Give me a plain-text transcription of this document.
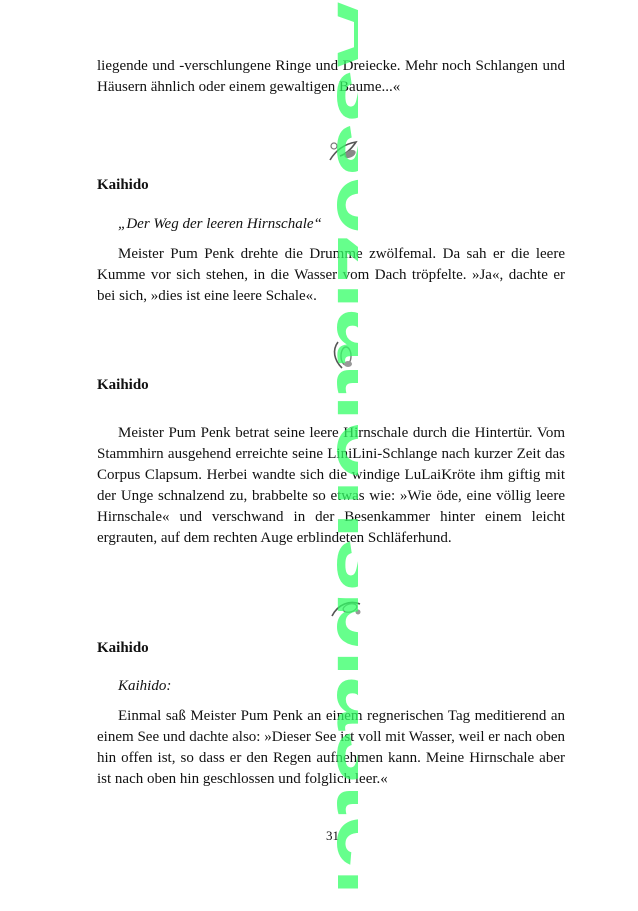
liegende und -verschlungene Ringe und Dreiecke. Mehr noch Schlangen und Häusern ähnlich oder einem gewaltigen Baume...«

Kaihido

„Der Weg der leeren Hirnschale“

Meister Pum Penk drehte die Drumme zwölfemal. Da sah er die leere Kumme vor sich stehen, in die Wasser vom Dach tröpfelte. »Ja«, dachte er bei sich, »dies ist eine leere Schale«.

Kaihido

Meister Pum Penk betrat seine leere Hirnschale durch die Hintertür. Vom Stammhirn ausgehend erreichte seine LiniLini-Schlange nach kurzer Zeit das Corpus Clapsum. Herbei wandte sich die windige LuLaiKröte ihm giftig mit der Unge schnalzend zu, brabbelte so etwas wie: »Wie öde, eine völlig leere Hirnschale« und verschwand in der Besenkammer hinter einem leicht ergrauten, auf dem rechten Auge erblindeten Schläferhund.

Kaihido

Kaihido:

Einmal saß Meister Pum Penk an einem regnerischen Tag meditierend an einem See und dachte also: »Dieser See ist voll mit Wasser, weil er nach oben hin offen ist, so dass er den Regen aufnehmen kann. Meine Hirnschale aber ist nach oben hin geschlossen und folglich leer.«

31
Assoziationsblaster
